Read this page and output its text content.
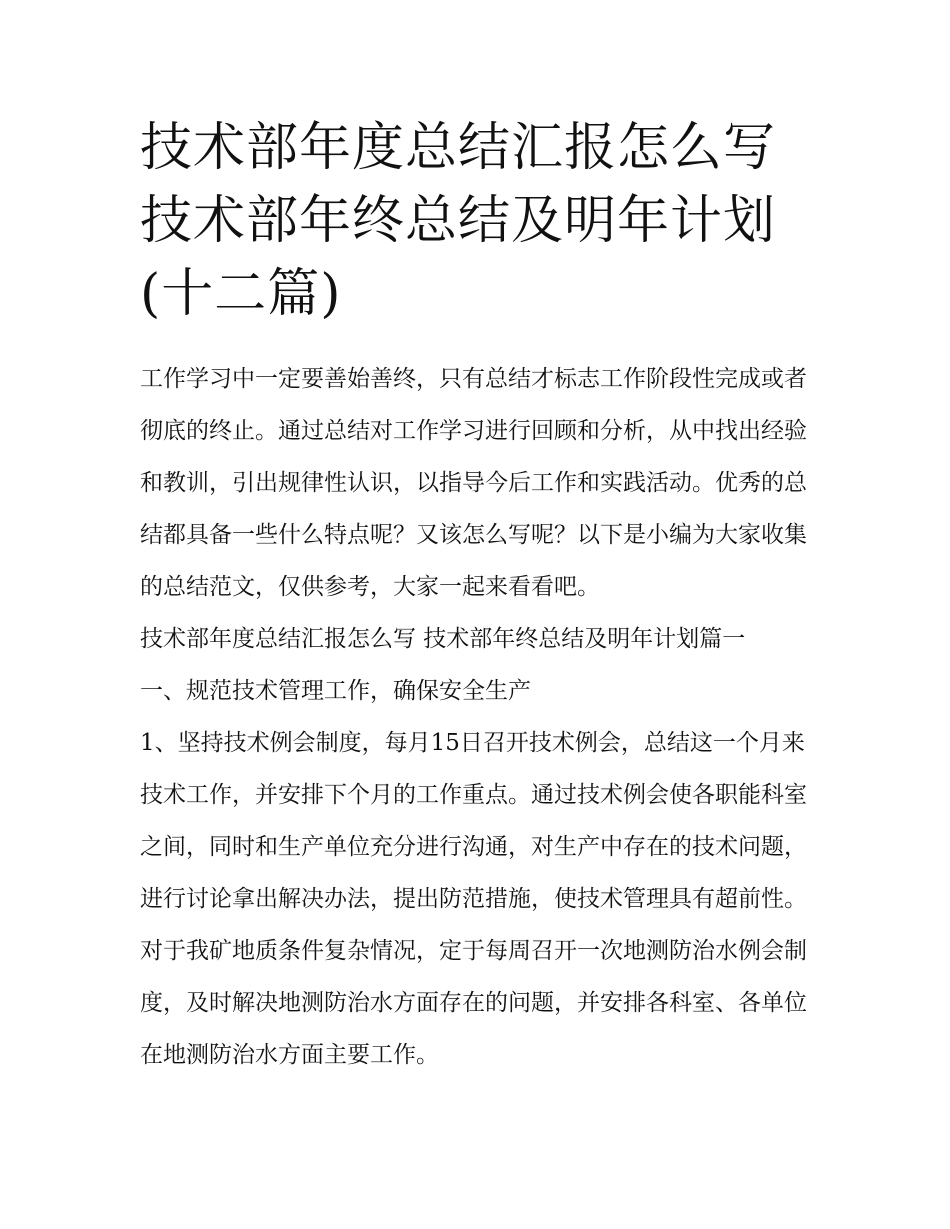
技术部年度总结汇报怎么写 技术部年终总结及明年计划(十二篇)

工作学习中一定要善始善终，只有总结才标志工作阶段性完成或者彻底的终止。通过总结对工作学习进行回顾和分析，从中找出经验和教训，引出规律性认识，以指导今后工作和实践活动。优秀的总结都具备一些什么特点呢？又该怎么写呢？以下是小编为大家收集的总结范文，仅供参考，大家一起来看看吧。

技术部年度总结汇报怎么写 技术部年终总结及明年计划篇一

一、规范技术管理工作，确保安全生产

1、坚持技术例会制度，每月15日召开技术例会，总结这一个月来技术工作，并安排下个月的工作重点。通过技术例会使各职能科室之间，同时和生产单位充分进行沟通，对生产中存在的技术问题，进行讨论拿出解决办法，提出防范措施，使技术管理具有超前性。对于我矿地质条件复杂情况，定于每周召开一次地测防治水例会制度，及时解决地测防治水方面存在的问题，并安排各科室、各单位在地测防治水方面主要工作。
